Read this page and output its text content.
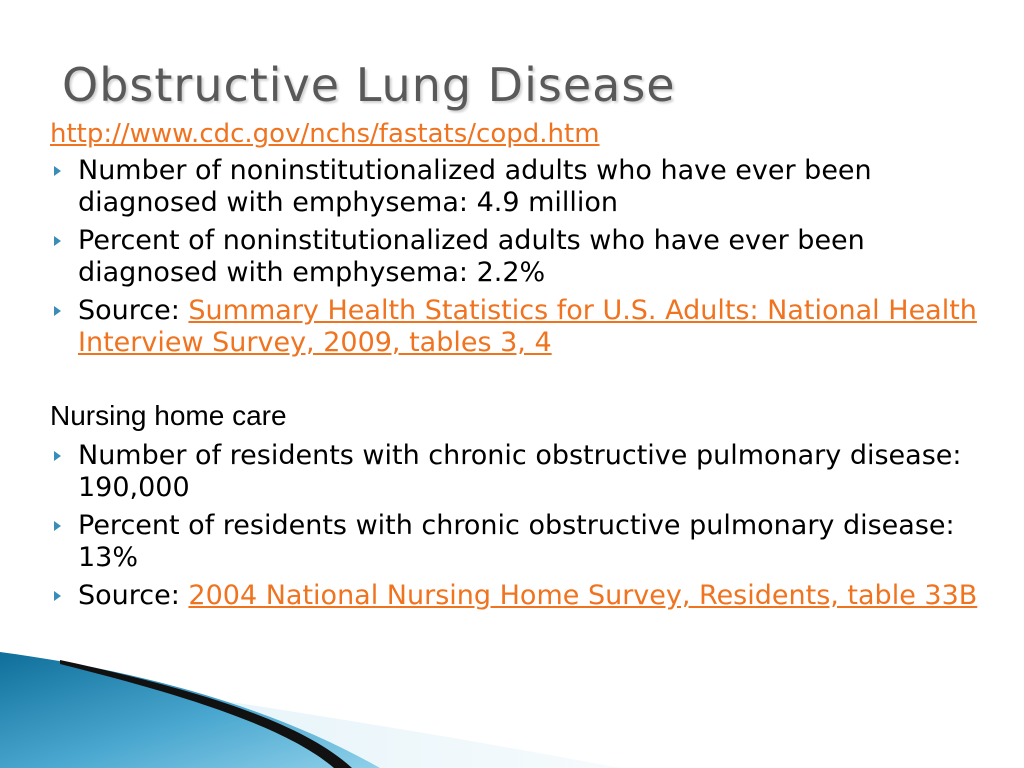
Obstructive Lung Disease
http://www.cdc.gov/nchs/fastats/copd.htm
Number of noninstitutionalized adults who have ever been diagnosed with emphysema: 4.9 million
Percent of noninstitutionalized adults who have ever been diagnosed with emphysema: 2.2%
Source: Summary Health Statistics for U.S. Adults: National Health Interview Survey, 2009, tables 3, 4
Nursing home care
Number of residents with chronic obstructive pulmonary disease: 190,000
Percent of residents with chronic obstructive pulmonary disease: 13%
Source: 2004 National Nursing Home Survey, Residents, table 33B
